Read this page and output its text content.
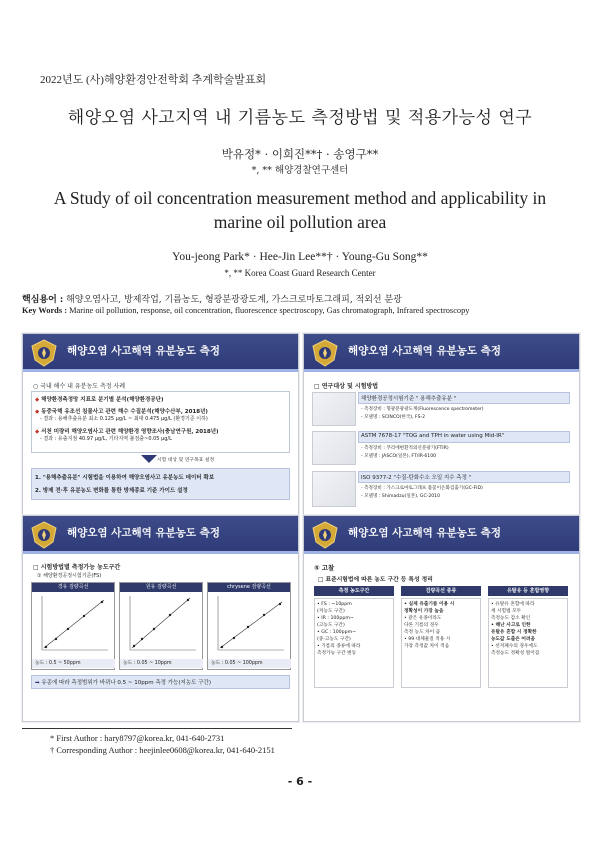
2022년도 (사)해양환경안전학회 추계학술발표회
해양오염 사고지역 내 기름농도 측정방법 및 적용가능성 연구
박유정* · 이희진**† · 송영구**
*, ** 해양경찰연구센터
A Study of oil concentration measurement method and applicability in
marine oil pollution area
You-jeong Park* · Hee-Jin Lee**† · Young-Gu Song**
*, ** Korea Coast Guard Research Center
핵심용어 : 해양오염사고, 방제작업, 기름농도, 형광분광광도계, 가스크로마토그래피, 적외선 분광
Key Words : Marine oil pollution, response, oil concentration, fluorescence spectroscopy, Gas chromatograph, Infrared spectroscopy
해양오염 사고해역 유분농도 측정
○ 국내 해수 내 유분농도 측정 사례
◆ 해양환경측정망 지표로 분기별 분석(해양환경공단)
◆ 동중국해 유조선 침몰사고 관련 해수 수질분석(해양수산부, 2018년)
- 결과 : 용해추출유분 최소 0.125 μg/L ~ 최대 0.475 μg/L (환경기준 이하)
◆ 서천 미량리 해양오염사고 관련 해양환경 영향조사(충남연구원, 2018년)
- 결과 : 유출지점 40.97 μg/L, 기타지역 불검출~0.05 μg/L
시험 대상 및 연구목표 설정
1. "용해추출유분" 시험법을 이용하여 해양오염사고 유분농도 데이터 확보
2. 방제 전·후 유분농도 변화를 통한 방제종료 기준 가이드 설정
해양오염 사고해역 유분농도 측정
□ 연구대상 및 시험방법
해양환경공정시험기준 " 용해추출유분 "
- 측정장비 : 형광분광광도계(Fluorescence spectrometer)
- 모델명 : SCINCO(한국), FS-2
ASTM 7678-17 "TOG and TPH in water using Mid-IR"
- 측정장비 : 푸리에변환적외선분광기(FTIR)
- 모델명 : JASCO(일본), FT/IR-6100
ISO 9377-2 "수질-탄화수소 오일 지수 측정 "
- 측정장비 : 가스크로마토그래프 불꽃이온화검출기(GC-FID)
- 모델명 : Shimadzu(일본), GC-2010
해양오염 사고해역 유분농도 측정
□ 시험방법별 측정가능 농도구간
① 해양환경공정시험기준(FS)
경유 검량곡선
농도 : 0.5 ~ 50ppm
원유 검량곡선
농도 : 0.05 ~ 10ppm
chrysene 검량곡선
농도 : 0.05 ~ 100ppm
➡ 유종에 따라 측정범위가 바뀌나 0.5 ~ 10ppm 측정 가능(저농도 구간)
해양오염 사고해역 유분농도 측정
⑤ 고찰
□ 표준시험법에 따른 농도 구간 등 특성 정리
측정 농도구간	검량곡선 종류	유탈유 등 혼합영향
• FS : ~10ppm
(저농도 구간)
• IR : 100ppm~
(고농도 구간)
• GC : 100ppm~
(중·고농도 구간)
• 기름의 종류에 따라
측정가능 구간 변동
• 실제 유출기름 이용 시
정확성이 가장 높음
• 같은 유종이라도
다른 기름의 경우
측정 농도 차이 큼
• 99 대체물질 적용 시
가장 측정값 차이 적음
• 유탈유 혼합에 따라
세 시험법 모두
측정농도 감소 확인
• 해난 사고로 인한
유탈유 혼합 시 정확한
농도값 도출은 어려움
• 선저폐수의 경우에도
측정농도 정확성 떨어짐
* First Author : hary8797@korea.kr, 041-640-2731
† Corresponding Author : heejinlee0608@korea.kr, 041-640-2151
- 6 -
